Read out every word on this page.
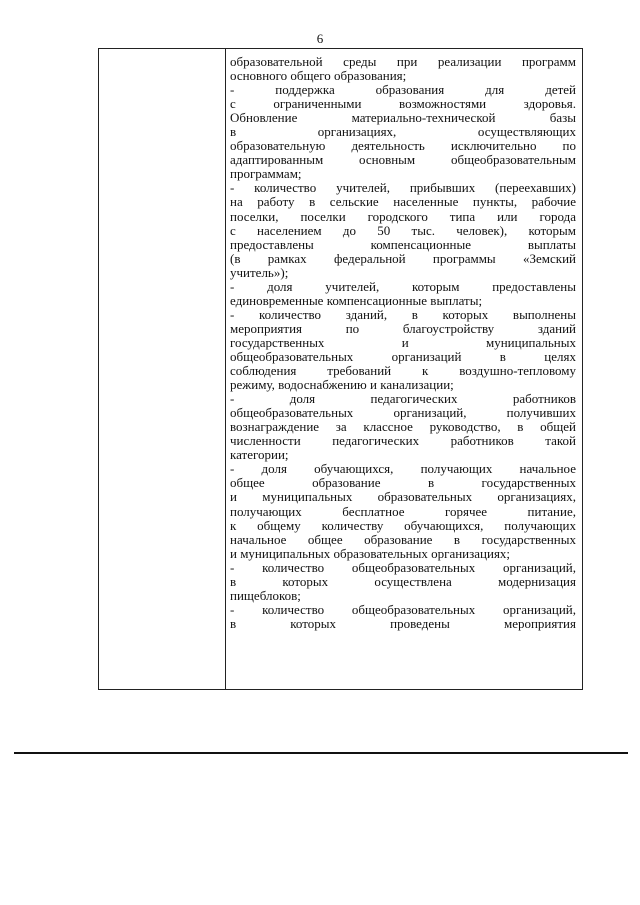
6
образовательной среды при реализации программ
основного общего образования;
- поддержка образования для детей
с ограниченными возможностями здоровья.
Обновление материально-технической базы
в организациях, осуществляющих
образовательную деятельность исключительно по
адаптированным основным общеобразовательным
программам;
- количество учителей, прибывших (переехавших)
на работу в сельские населенные пункты, рабочие
поселки, поселки городского типа или города
с населением до 50 тыс. человек), которым
предоставлены компенсационные выплаты
(в рамках федеральной программы «Земский
учитель»);
- доля учителей, которым предоставлены
единовременные компенсационные выплаты;
- количество зданий, в которых выполнены
мероприятия по благоустройству зданий
государственных и муниципальных
общеобразовательных организаций в целях
соблюдения требований к воздушно-тепловому
режиму, водоснабжению и канализации;
- доля педагогических работников
общеобразовательных организаций, получивших
вознаграждение за классное руководство, в общей
численности педагогических работников такой
категории;
- доля обучающихся, получающих начальное
общее образование в государственных
и муниципальных образовательных организациях,
получающих бесплатное горячее питание,
к общему количеству обучающихся, получающих
начальное общее образование в государственных
и муниципальных образовательных организациях;
- количество общеобразовательных организаций,
в которых осуществлена модернизация
пищеблоков;
- количество общеобразовательных организаций,
в которых проведены мероприятия
